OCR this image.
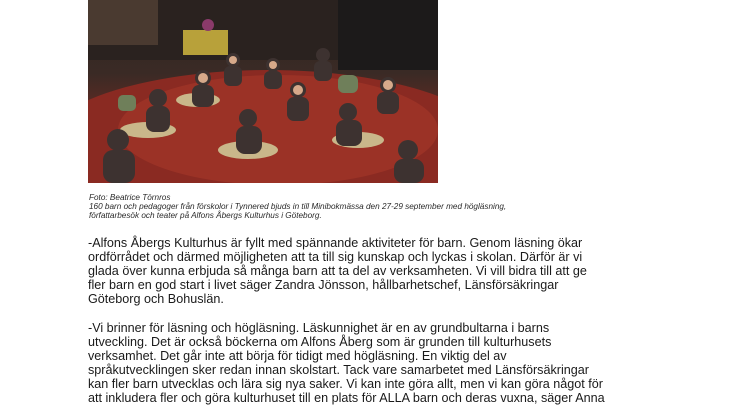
Foto: Beatrice Törnros
160 barn och pedagoger från förskolor i Tynnered bjuds in till Minibokmässa den 27-29 september med högläsning,
författarbesök och teater på Alfons Åbergs Kulturhus i Göteborg.
-Alfons Åbergs Kulturhus är fyllt med spännande aktiviteter för barn. Genom läsning ökar
ordförrådet och därmed möjligheten att ta till sig kunskap och lyckas i skolan. Därför är vi
glada över kunna erbjuda så många barn att ta del av verksamheten. Vi vill bidra till att ge
fler barn en god start i livet säger Zandra Jönsson, hållbarhetschef, Länsförsäkringar
Göteborg och Bohuslän.
-Vi brinner för läsning och högläsning. Läskunnighet är en av grundbultarna i barns
utveckling. Det är också böckerna om Alfons Åberg som är grunden till kulturhusets
verksamhet. Det går inte att börja för tidigt med högläsning. En viktig del av
språkutvecklingen sker redan innan skolstart. Tack vare samarbetet med Länsförsäkringar
kan fler barn utvecklas och lära sig nya saker. Vi kan inte göra allt, men vi kan göra något för
att inkludera fler och göra kulturhuset till en plats för ALLA barn och deras vuxna, säger Anna
